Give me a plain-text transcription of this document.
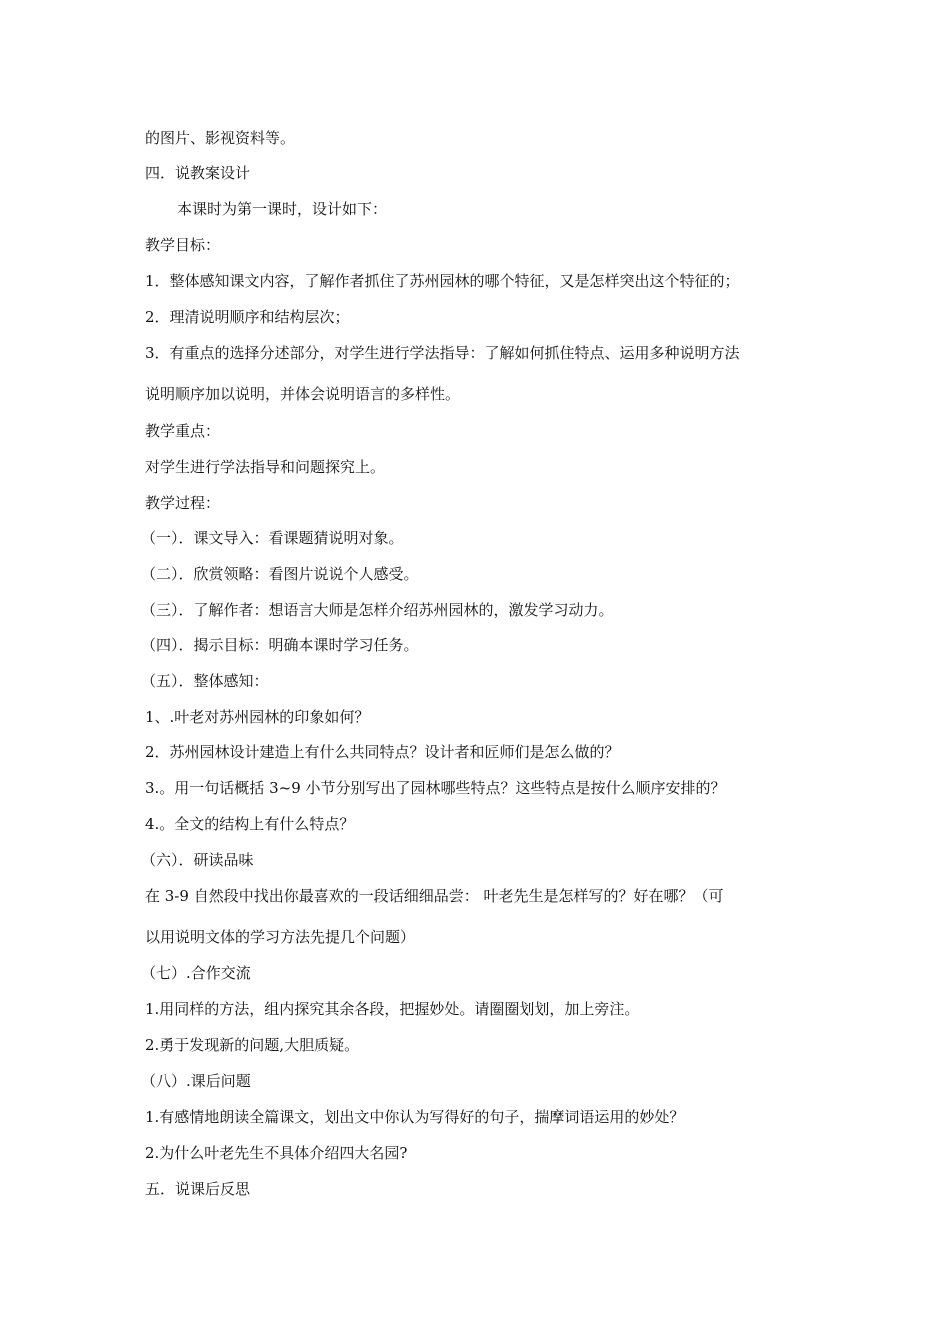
的图片、影视资料等。
四．说教案设计
本课时为第一课时，设计如下：
教学目标：
1．整体感知课文内容，了解作者抓住了苏州园林的哪个特征，又是怎样突出这个特征的；
2．理清说明顺序和结构层次；
3．有重点的选择分述部分，对学生进行学法指导：了解如何抓住特点、运用多种说明方法
说明顺序加以说明，并体会说明语言的多样性。
教学重点：
对学生进行学法指导和问题探究上。
教学过程：
（一）．课文导入：看课题猜说明对象。
（二）．欣赏领略：看图片说说个人感受。
（三）．了解作者：想语言大师是怎样介绍苏州园林的，激发学习动力。
（四）．揭示目标：明确本课时学习任务。
（五）．整体感知：
1、.叶老对苏州园林的印象如何？
2．苏州园林设计建造上有什么共同特点？设计者和匠师们是怎么做的？
3.。用一句话概括 3~9 小节分别写出了园林哪些特点？这些特点是按什么顺序安排的？
4.。全文的结构上有什么特点？
（六）．研读品味
在 3-9 自然段中找出你最喜欢的一段话细细品尝： 叶老先生是怎样写的？好在哪？（可
以用说明文体的学习方法先提几个问题）
（七）.合作交流
1.用同样的方法，组内探究其余各段，把握妙处。请圈圈划划，加上旁注。
2.勇于发现新的问题,大胆质疑。
（八）.课后问题
1.有感情地朗读全篇课文，划出文中你认为写得好的句子，揣摩词语运用的妙处？
2.为什么叶老先生不具体介绍四大名园?
五．说课后反思
